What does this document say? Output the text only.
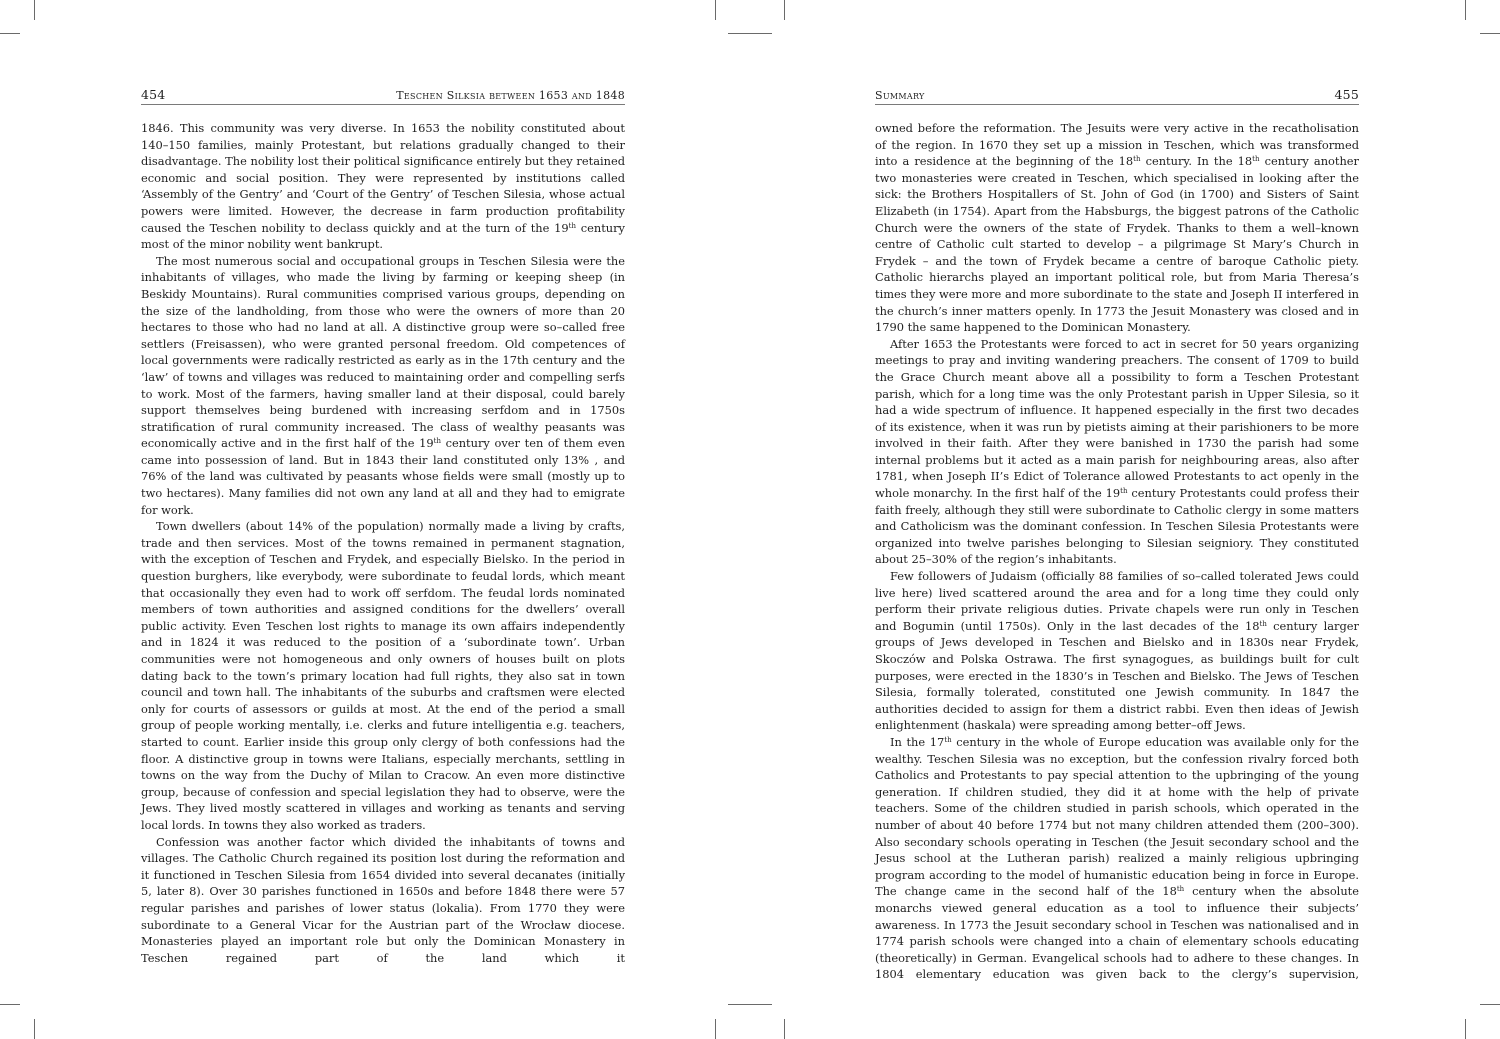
454	Teschen Silksia between 1653 and 1848

1846. This community was very diverse. In 1653 the nobility constituted about 140–150 families, mainly Protestant, but relations gradually changed to their disadvantage. The nobility lost their political significance entirely but they retained economic and social position. They were represented by institutions called ‘Assembly of the Gentry’ and ‘Court of the Gentry’ of Teschen Silesia, whose actual powers were limited. However, the decrease in farm production profitability caused the Teschen nobility to declass quickly and at the turn of the 19th century most of the minor nobility went bankrupt.

The most numerous social and occupational groups in Teschen Silesia were the inhabitants of villages, who made the living by farming or keeping sheep (in Beskidy Mountains). Rural communities comprised various groups, depending on the size of the landholding, from those who were the owners of more than 20 hectares to those who had no land at all. A distinctive group were so–called free settlers (Freisassen), who were granted personal freedom. Old competences of local governments were radically restricted as early as in the 17th century and the ‘law’ of towns and villages was reduced to maintaining order and compelling serfs to work. Most of the farmers, having smaller land at their disposal, could barely support themselves being burdened with increasing serfdom and in 1750s stratification of rural community increased. The class of wealthy peasants was economically active and in the first half of the 19th century over ten of them even came into possession of land. But in 1843 their land constituted only 13% , and 76% of the land was cultivated by peasants whose fields were small (mostly up to two hectares). Many families did not own any land at all and they had to emigrate for work.

Town dwellers (about 14% of the population) normally made a living by crafts, trade and then services. Most of the towns remained in permanent stagnation, with the exception of Teschen and Frydek, and especially Bielsko. In the period in question burghers, like everybody, were subordinate to feudal lords, which meant that occasionally they even had to work off serfdom. The feudal lords nominated members of town authorities and assigned conditions for the dwellers’ overall public activity. Even Teschen lost rights to manage its own affairs independently and in 1824 it was reduced to the position of a ‘subordinate town’. Urban communities were not homogeneous and only owners of houses built on plots dating back to the town’s primary location had full rights, they also sat in town council and town hall. The inhabitants of the suburbs and craftsmen were elected only for courts of assessors or guilds at most. At the end of the period a small group of people working mentally, i.e. clerks and future intelligentia e.g. teachers, started to count. Earlier inside this group only clergy of both confessions had the floor. A distinctive group in towns were Italians, especially merchants, settling in towns on the way from the Duchy of Milan to Cracow. An even more distinctive group, because of confession and special legislation they had to observe, were the Jews. They lived mostly scattered in villages and working as tenants and serving local lords. In towns they also worked as traders.

Confession was another factor which divided the inhabitants of towns and villages. The Catholic Church regained its position lost during the reformation and it functioned in Teschen Silesia from 1654 divided into several decanates (initially 5, later 8). Over 30 parishes functioned in 1650s and before 1848 there were 57 regular parishes and parishes of lower status (lokalia). From 1770 they were subordinate to a General Vicar for the Austrian part of the Wrocław diocese. Monasteries played an important role but only the Dominican Monastery in Teschen regained part of the land which it

Summary	455

owned before the reformation. The Jesuits were very active in the recatholisation of the region. In 1670 they set up a mission in Teschen, which was transformed into a residence at the beginning of the 18th century. In the 18th century another two monasteries were created in Teschen, which specialised in looking after the sick: the Brothers Hospitallers of St. John of God (in 1700) and Sisters of Saint Elizabeth (in 1754). Apart from the Habsburgs, the biggest patrons of the Catholic Church were the owners of the state of Frydek. Thanks to them a well–known centre of Catholic cult started to develop – a pilgrimage St Mary’s Church in Frydek – and the town of Frydek became a centre of baroque Catholic piety. Catholic hierarchs played an important political role, but from Maria Theresa’s times they were more and more subordinate to the state and Joseph II interfered in the church’s inner matters openly. In 1773 the Jesuit Monastery was closed and in 1790 the same happened to the Dominican Monastery.

After 1653 the Protestants were forced to act in secret for 50 years organizing meetings to pray and inviting wandering preachers. The consent of 1709 to build the Grace Church meant above all a possibility to form a Teschen Protestant parish, which for a long time was the only Protestant parish in Upper Silesia, so it had a wide spectrum of influence. It happened especially in the first two decades of its existence, when it was run by pietists aiming at their parishioners to be more involved in their faith. After they were banished in 1730 the parish had some internal problems but it acted as a main parish for neighbouring areas, also after 1781, when Joseph II’s Edict of Tolerance allowed Protestants to act openly in the whole monarchy. In the first half of the 19th century Protestants could profess their faith freely, although they still were subordinate to Catholic clergy in some matters and Catholicism was the dominant confession. In Teschen Silesia Protestants were organized into twelve parishes belonging to Silesian seigniory. They constituted about 25–30% of the region’s inhabitants.

Few followers of Judaism (officially 88 families of so–called tolerated Jews could live here) lived scattered around the area and for a long time they could only perform their private religious duties. Private chapels were run only in Teschen and Bogumin (until 1750s). Only in the last decades of the 18th century larger groups of Jews developed in Teschen and Bielsko and in 1830s near Frydek, Skoczów and Polska Ostrawa. The first synagogues, as buildings built for cult purposes, were erected in the 1830’s in Teschen and Bielsko. The Jews of Teschen Silesia, formally tolerated, constituted one Jewish community. In 1847 the authorities decided to assign for them a district rabbi. Even then ideas of Jewish enlightenment (haskala) were spreading among better–off Jews.

In the 17th century in the whole of Europe education was available only for the wealthy. Teschen Silesia was no exception, but the confession rivalry forced both Catholics and Protestants to pay special attention to the upbringing of the young generation. If children studied, they did it at home with the help of private teachers. Some of the children studied in parish schools, which operated in the number of about 40 before 1774 but not many children attended them (200–300). Also secondary schools operating in Teschen (the Jesuit secondary school and the Jesus school at the Lutheran parish) realized a mainly religious upbringing program according to the model of humanistic education being in force in Europe. The change came in the second half of the 18th century when the absolute monarchs viewed general education as a tool to influence their subjects’ awareness. In 1773 the Jesuit secondary school in Teschen was nationalised and in 1774 parish schools were changed into a chain of elementary schools educating (theoretically) in German. Evangelical schools had to adhere to these changes. In 1804 elementary education was given back to the clergy’s supervision,
